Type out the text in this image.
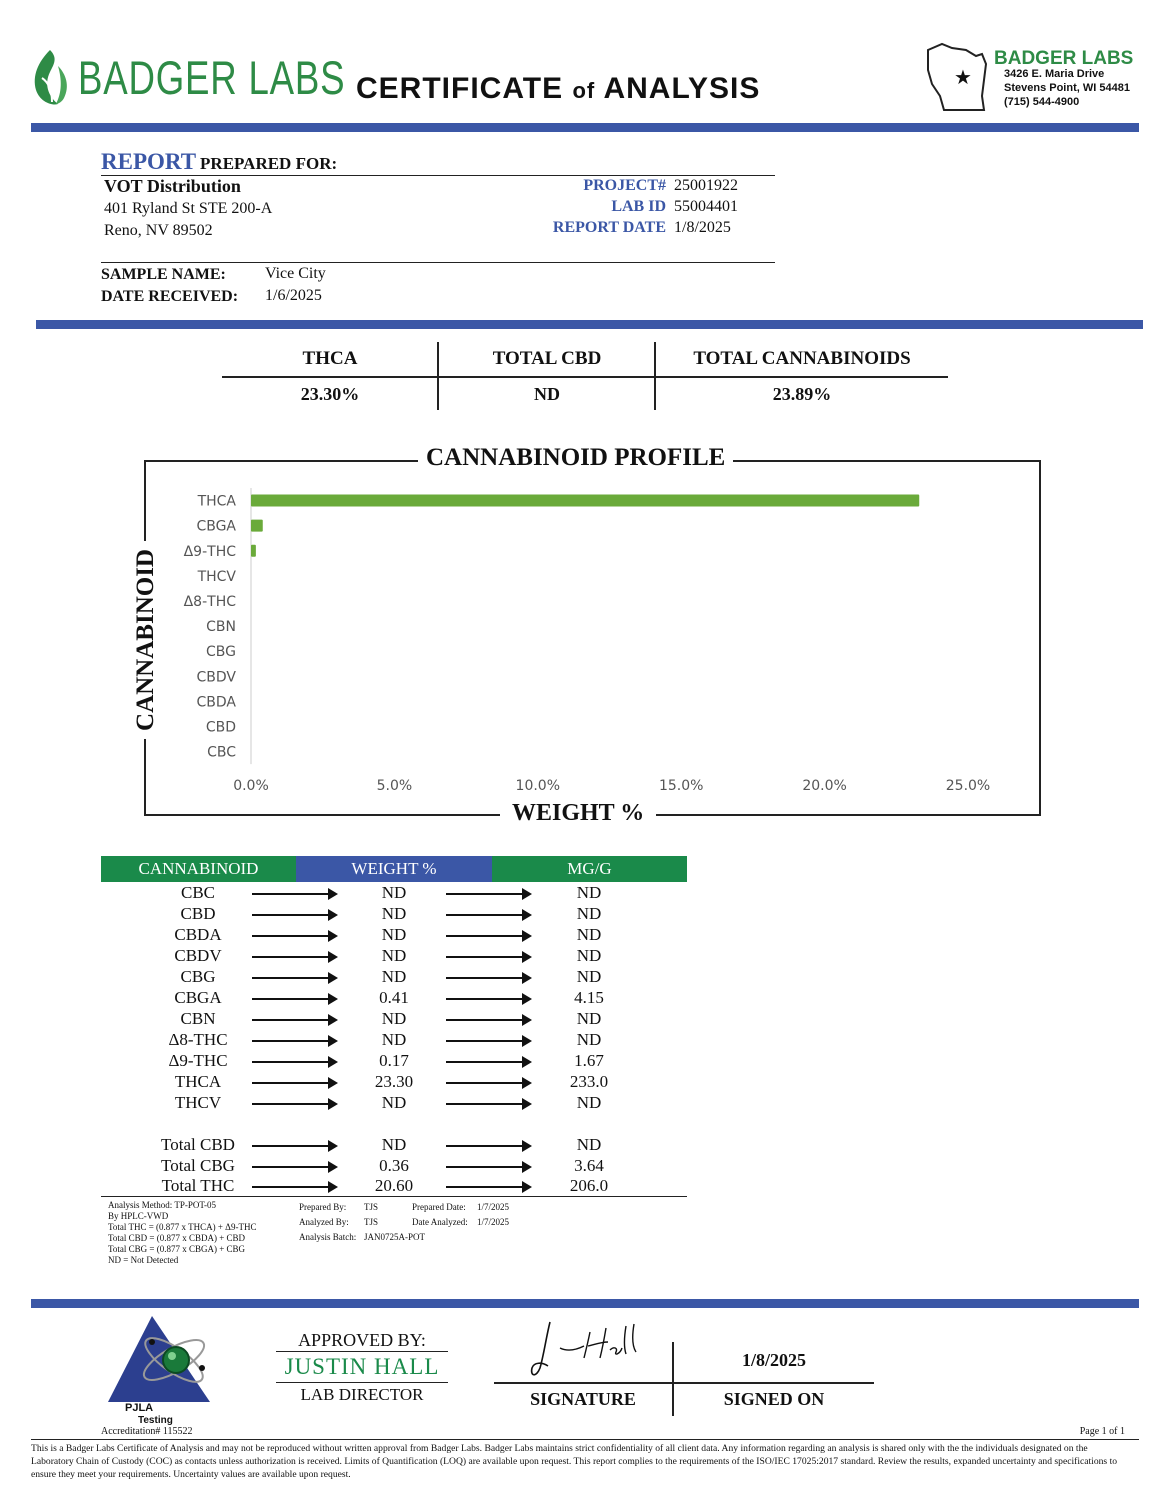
BADGER LABS CERTIFICATE of ANALYSIS	★
BADGER LABS
3426 E. Maria Drive
Stevens Point, WI 54481
(715) 544-4900
REPORT PREPARED FOR:
VOT Distribution
401 Ryland St STE 200-A
Reno, NV 89502
PROJECT# 25001922
LAB ID 55004401
REPORT DATE 1/8/2025
SAMPLE NAME: Vice City
DATE RECEIVED: 1/6/2025
THCA	TOTAL CBD	TOTAL CANNABINOIDS
23.30%	ND	23.89%
CANNABINOID PROFILE
WEIGHT %
CANNABINOID
THCA
CBGA
Δ9-THC
THCV
Δ8-THC
CBN
CBG
CBDV
CBDA
CBD
CBC
0.0%	5.0%	10.0%	15.0%	20.0%	25.0%
CANNABINOID	WEIGHT %	MG/G
CBC	ND	ND
CBD	ND	ND
CBDA	ND	ND
CBDV	ND	ND
CBG	ND	ND
CBGA	0.41	4.15
CBN	ND	ND
Δ8-THC	ND	ND
Δ9-THC	0.17	1.67
THCA	23.30	233.0
THCV	ND	ND
Total CBD	ND	ND
Total CBG	0.36	3.64
Total THC	20.60	206.0
Analysis Method: TP-POT-05
By HPLC-VWD
Total THC = (0.877 x THCA) + Δ9-THC
Total CBD = (0.877 x CBDA) + CBD
Total CBG = (0.877 x CBGA) + CBG
ND = Not Detected
Prepared By: TJS
Analyzed By: TJS
Analysis Batch: JAN0725A-POT
Prepared Date: 1/7/2025
Date Analyzed: 1/7/2025
PJLA
Testing
Accreditation# 115522
APPROVED BY:
JUSTIN HALL
LAB DIRECTOR
1/8/2025
SIGNATURE	SIGNED ON
Page 1 of 1
This is a Badger Labs Certificate of Analysis and may not be reproduced without written approval from Badger Labs. Badger Labs maintains strict confidentiality of all client data. Any information regarding an analysis is shared only with the the individuals designated on the Laboratory Chain of Custody (COC) as contacts unless authorization is received. Limits of Quantification (LOQ) are available upon request. This report complies to the requirements of the ISO/IEC 17025:2017 standard. Review the results, expanded uncertainty and specifications to ensure they meet your requirements. Uncertainty values are available upon request.
